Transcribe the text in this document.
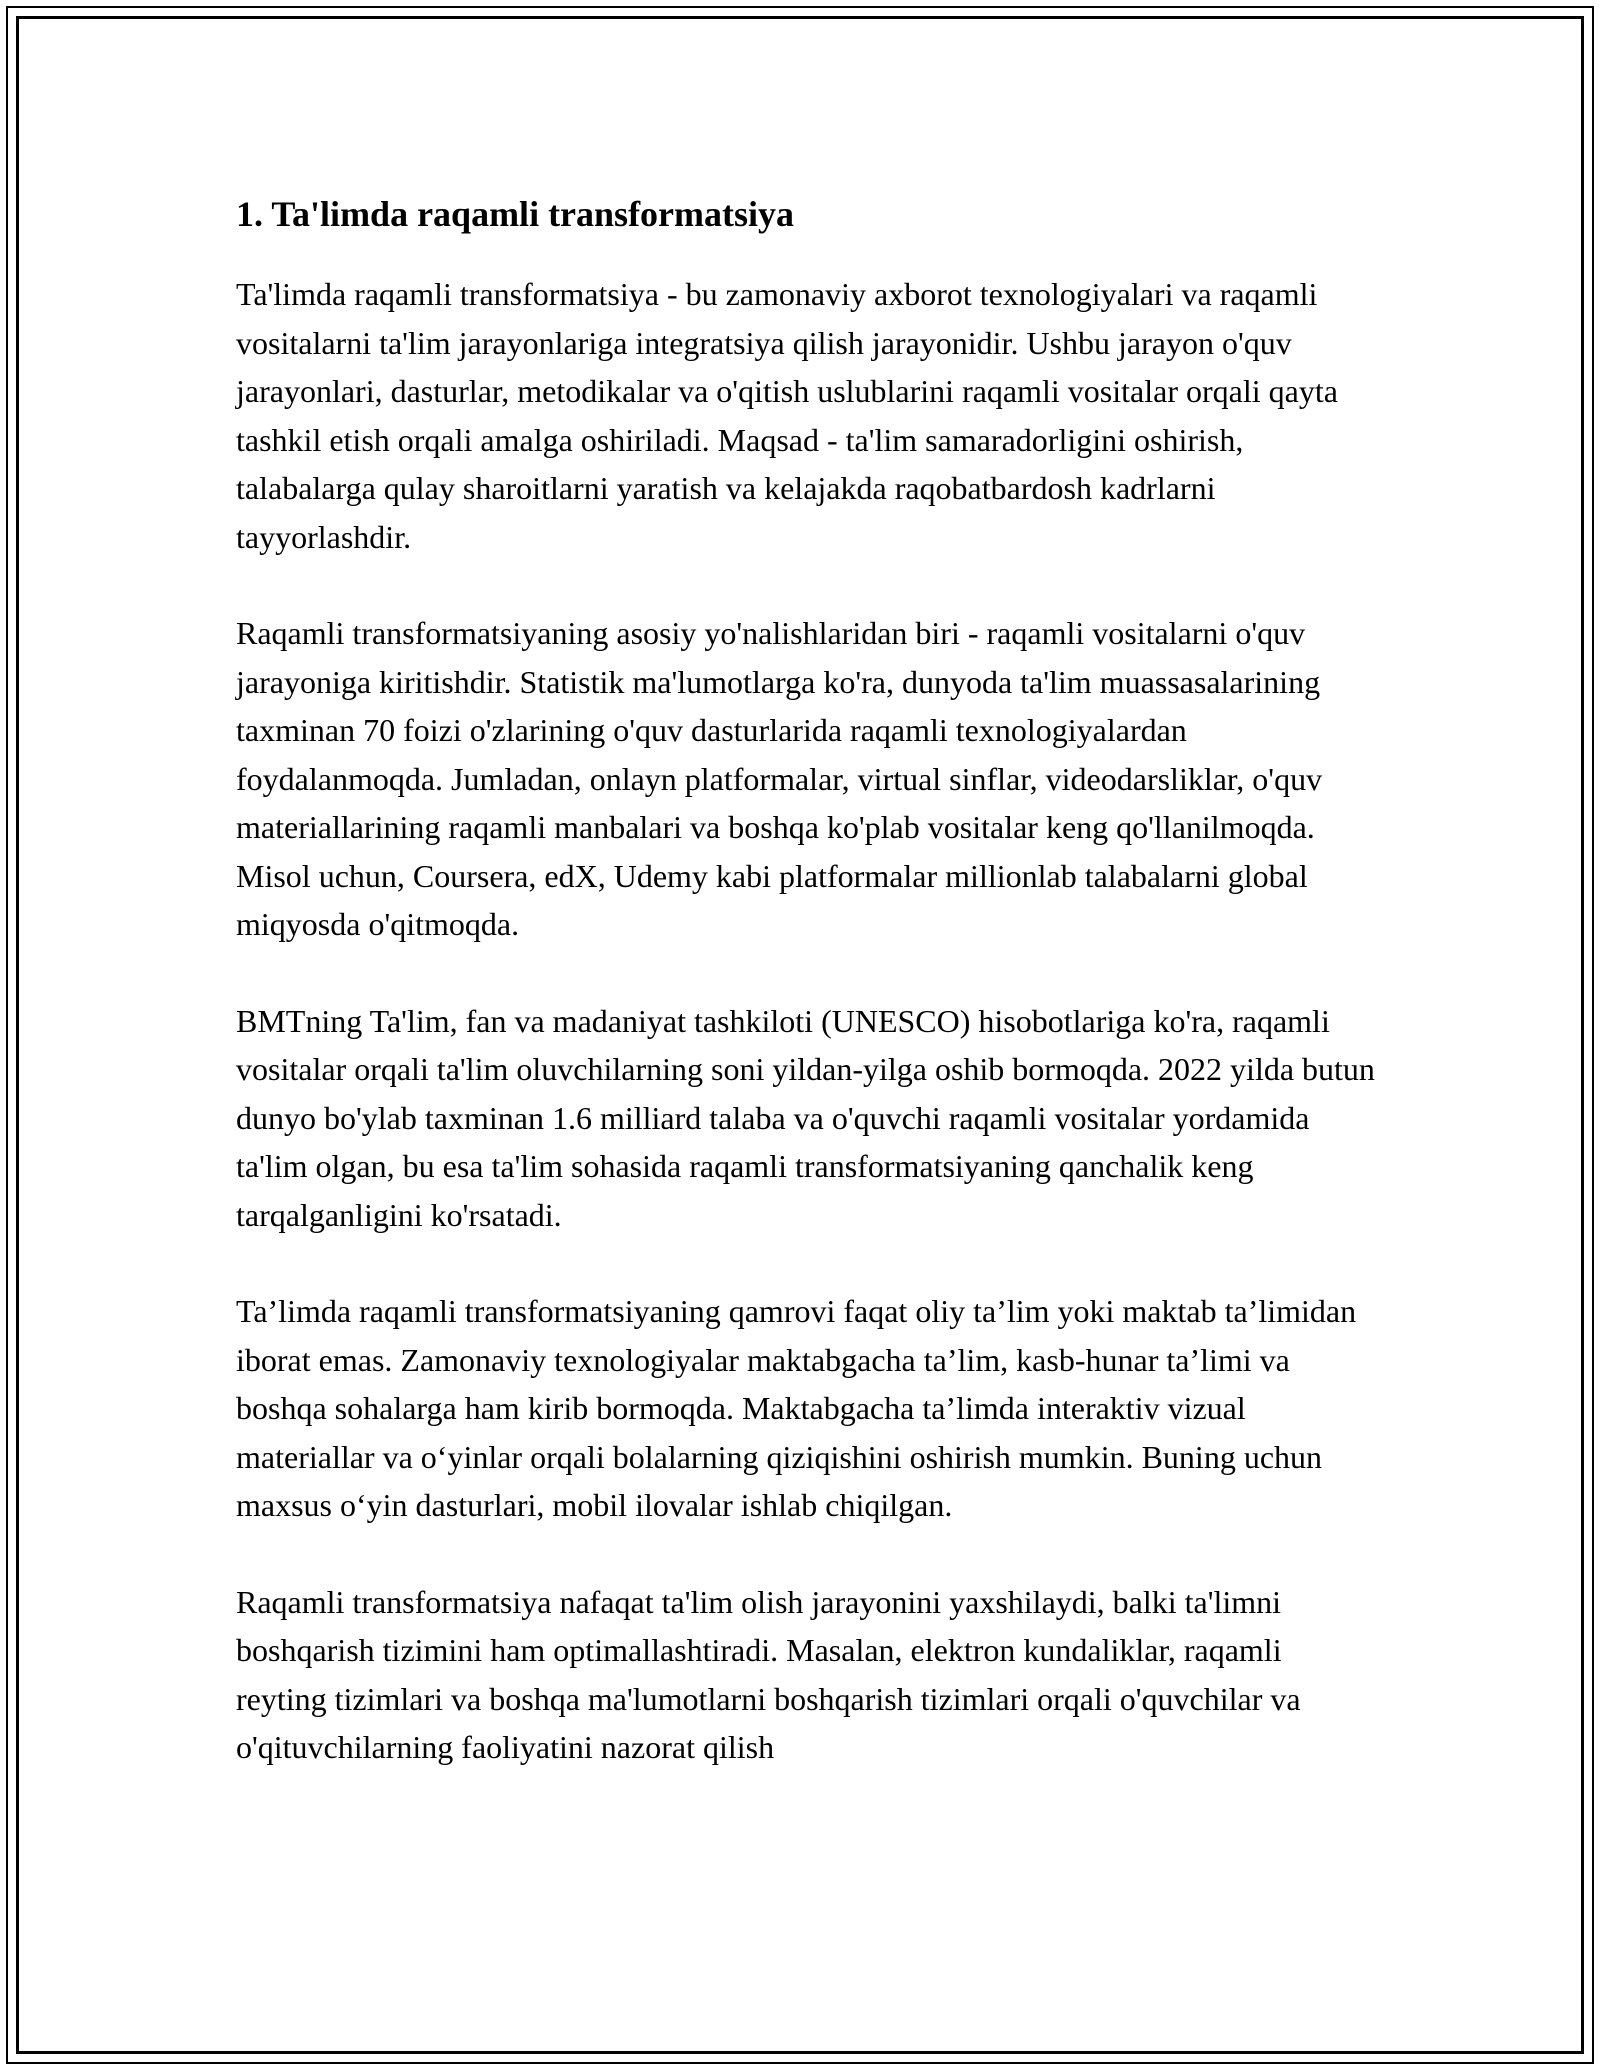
1. Ta'limda raqamli transformatsiya

Ta'limda raqamli transformatsiya - bu zamonaviy axborot texnologiyalari va raqamli vositalarni ta'lim jarayonlariga integratsiya qilish jarayonidir. Ushbu jarayon o'quv jarayonlari, dasturlar, metodikalar va o'qitish uslublarini raqamli vositalar orqali qayta tashkil etish orqali amalga oshiriladi. Maqsad - ta'lim samaradorligini oshirish, talabalarga qulay sharoitlarni yaratish va kelajakda raqobatbardosh kadrlarni tayyorlashdir.

Raqamli transformatsiyaning asosiy yo'nalishlaridan biri - raqamli vositalarni o'quv jarayoniga kiritishdir. Statistik ma'lumotlarga ko'ra, dunyoda ta'lim muassasalarining taxminan 70 foizi o'zlarining o'quv dasturlarida raqamli texnologiyalardan foydalanmoqda. Jumladan, onlayn platformalar, virtual sinflar, videodarsliklar, o'quv materiallarining raqamli manbalari va boshqa ko'plab vositalar keng qo'llanilmoqda. Misol uchun, Coursera, edX, Udemy kabi platformalar millionlab talabalarni global miqyosda o'qitmoqda.

BMTning Ta'lim, fan va madaniyat tashkiloti (UNESCO) hisobotlariga ko'ra, raqamli vositalar orqali ta'lim oluvchilarning soni yildan-yilga oshib bormoqda. 2022 yilda butun dunyo bo'ylab taxminan 1.6 milliard talaba va o'quvchi raqamli vositalar yordamida ta'lim olgan, bu esa ta'lim sohasida raqamli transformatsiyaning qanchalik keng tarqalganligini ko'rsatadi.

Ta’limda raqamli transformatsiyaning qamrovi faqat oliy ta’lim yoki maktab ta’limidan iborat emas. Zamonaviy texnologiyalar maktabgacha ta’lim, kasb-hunar ta’limi va boshqa sohalarga ham kirib bormoqda. Maktabgacha ta’limda interaktiv vizual materiallar va o‘yinlar orqali bolalarning qiziqishini oshirish mumkin. Buning uchun maxsus o‘yin dasturlari, mobil ilovalar ishlab chiqilgan.

Raqamli transformatsiya nafaqat ta'lim olish jarayonini yaxshilaydi, balki ta'limni boshqarish tizimini ham optimallashtiradi. Masalan, elektron kundaliklar, raqamli reyting tizimlari va boshqa ma'lumotlarni boshqarish tizimlari orqali o'quvchilar va o'qituvchilarning faoliyatini nazorat qilish
